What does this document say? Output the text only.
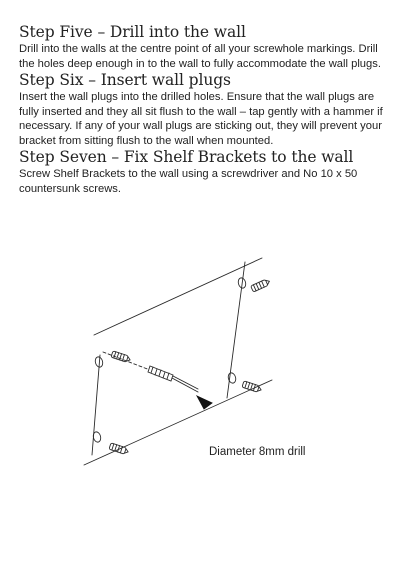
Step Five – Drill into the wall

Drill into the walls at the centre point of all your screwhole markings. Drill the holes deep enough in to the wall to fully accommodate the wall plugs.

Step Six – Insert wall plugs

Insert the wall plugs into the drilled holes. Ensure that the wall plugs are fully inserted and they all sit flush to the wall – tap gently with a hammer if necessary. If any of your wall plugs are sticking out, they will prevent your bracket from sitting flush to the wall when mounted.

Step Seven – Fix Shelf Brackets to the wall

Screw Shelf Brackets to the wall using a screwdriver and No 10 x 50 countersunk screws.

Diameter 8mm drill
